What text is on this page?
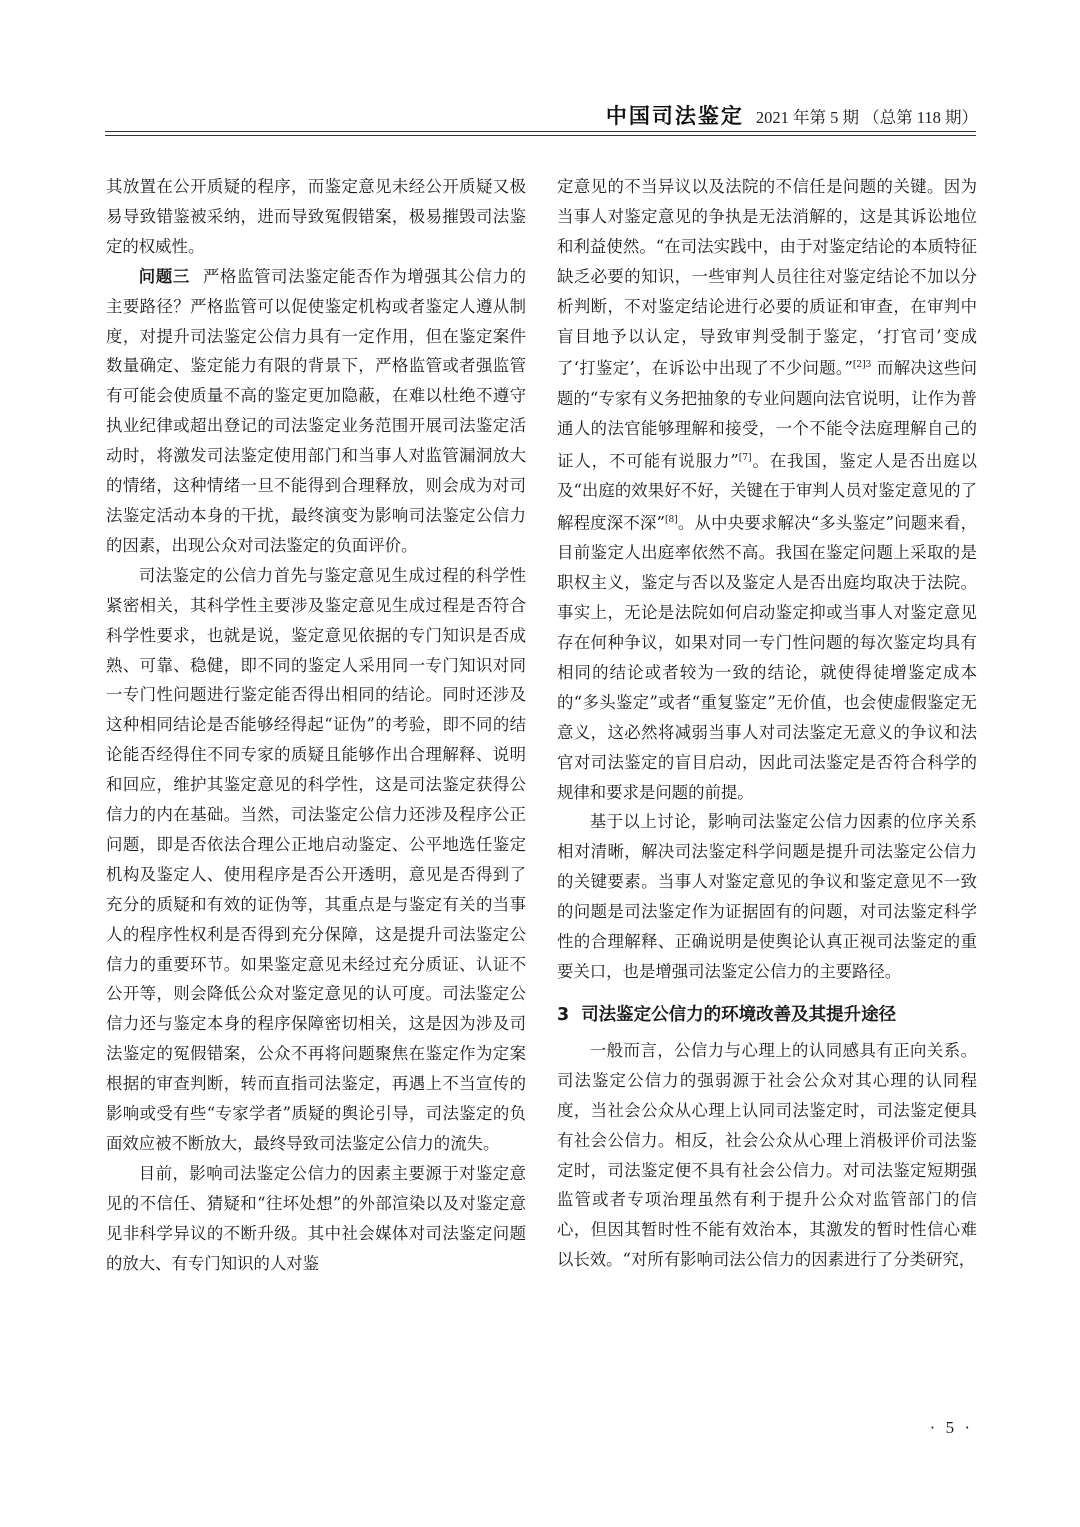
中国司法鉴定 2021 年第 5 期 （总第 118 期）

其放置在公开质疑的程序，而鉴定意见未经公开质疑又极易导致错鉴被采纳，进而导致冤假错案，极易摧毁司法鉴定的权威性。

问题三 严格监管司法鉴定能否作为增强其公信力的主要路径？严格监管可以促使鉴定机构或者鉴定人遵从制度，对提升司法鉴定公信力具有一定作用，但在鉴定案件数量确定、鉴定能力有限的背景下，严格监管或者强监管有可能会使质量不高的鉴定更加隐蔽，在难以杜绝不遵守执业纪律或超出登记的司法鉴定业务范围开展司法鉴定活动时，将激发司法鉴定使用部门和当事人对监管漏洞放大的情绪，这种情绪一旦不能得到合理释放，则会成为对司法鉴定活动本身的干扰，最终演变为影响司法鉴定公信力的因素，出现公众对司法鉴定的负面评价。

司法鉴定的公信力首先与鉴定意见生成过程的科学性紧密相关，其科学性主要涉及鉴定意见生成过程是否符合科学性要求，也就是说，鉴定意见依据的专门知识是否成熟、可靠、稳健，即不同的鉴定人采用同一专门知识对同一专门性问题进行鉴定能否得出相同的结论。同时还涉及这种相同结论是否能够经得起“证伪”的考验，即不同的结论能否经得住不同专家的质疑且能够作出合理解释、说明和回应，维护其鉴定意见的科学性，这是司法鉴定获得公信力的内在基础。当然，司法鉴定公信力还涉及程序公正问题，即是否依法合理公正地启动鉴定、公平地选任鉴定机构及鉴定人、使用程序是否公开透明，意见是否得到了充分的质疑和有效的证伪等，其重点是与鉴定有关的当事人的程序性权利是否得到充分保障，这是提升司法鉴定公信力的重要环节。如果鉴定意见未经过充分质证、认证不公开等，则会降低公众对鉴定意见的认可度。司法鉴定公信力还与鉴定本身的程序保障密切相关，这是因为涉及司法鉴定的冤假错案，公众不再将问题聚焦在鉴定作为定案根据的审查判断，转而直指司法鉴定，再遇上不当宣传的影响或受有些“专家学者”质疑的舆论引导，司法鉴定的负面效应被不断放大，最终导致司法鉴定公信力的流失。

目前，影响司法鉴定公信力的因素主要源于对鉴定意见的不信任、猜疑和“往坏处想”的外部渲染以及对鉴定意见非科学异议的不断升级。其中社会媒体对司法鉴定问题的放大、有专门知识的人对鉴

定意见的不当异议以及法院的不信任是问题的关键。因为当事人对鉴定意见的争执是无法消解的，这是其诉讼地位和利益使然。“在司法实践中，由于对鉴定结论的本质特征缺乏必要的知识，一些审判人员往往对鉴定结论不加以分析判断，不对鉴定结论进行必要的质证和审查，在审判中盲目地予以认定，导致审判受制于鉴定，‘打官司’变成了‘打鉴定’，在诉讼中出现了不少问题。”$^{[2]3}$ 而解决这些问题的“专家有义务把抽象的专业问题向法官说明，让作为普通人的法官能够理解和接受，一个不能令法庭理解自己的证人，不可能有说服力”[7]。在我国，鉴定人是否出庭以及“出庭的效果好不好，关键在于审判人员对鉴定意见的了解程度深不深”[8]。从中央要求解决“多头鉴定”问题来看，目前鉴定人出庭率依然不高。我国在鉴定问题上采取的是职权主义，鉴定与否以及鉴定人是否出庭均取决于法院。事实上，无论是法院如何启动鉴定抑或当事人对鉴定意见存在何种争议，如果对同一专门性问题的每次鉴定均具有相同的结论或者较为一致的结论，就使得徒增鉴定成本的“多头鉴定”或者“重复鉴定”无价值，也会使虚假鉴定无意义，这必然将减弱当事人对司法鉴定无意义的争议和法官对司法鉴定的盲目启动，因此司法鉴定是否符合科学的规律和要求是问题的前提。

基于以上讨论，影响司法鉴定公信力因素的位序关系相对清晰，解决司法鉴定科学问题是提升司法鉴定公信力的关键要素。当事人对鉴定意见的争议和鉴定意见不一致的问题是司法鉴定作为证据固有的问题，对司法鉴定科学性的合理解释、正确说明是使舆论认真正视司法鉴定的重要关口，也是增强司法鉴定公信力的主要路径。

3 司法鉴定公信力的环境改善及其提升途径

一般而言，公信力与心理上的认同感具有正向关系。司法鉴定公信力的强弱源于社会公众对其心理的认同程度，当社会公众从心理上认同司法鉴定时，司法鉴定便具有社会公信力。相反，社会公众从心理上消极评价司法鉴定时，司法鉴定便不具有社会公信力。对司法鉴定短期强监管或者专项治理虽然有利于提升公众对监管部门的信心，但因其暂时性不能有效治本，其激发的暂时性信心难以长效。“对所有影响司法公信力的因素进行了分类研究，

· 5 ·
